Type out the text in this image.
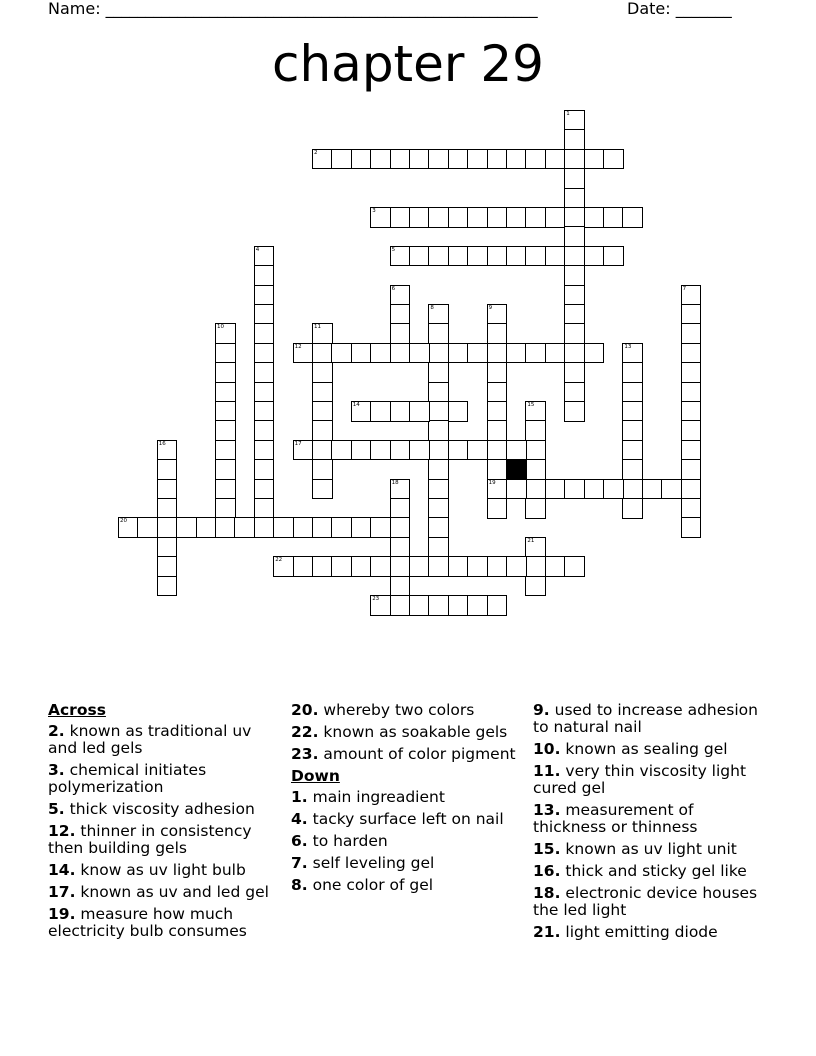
Name: ______________________________________________________	Date: _______
chapter 29
1
2
3
4	5
6	7
8	9
19
10	11
12	13
14	15
16	17
18
20
21
22
23
Across
2. known as traditional uv and led gels
3. chemical initiates polymerization
5. thick viscosity adhesion
12. thinner in consistency then building gels
14. know as uv light bulb
17. known as uv and led gel
19. measure how much electricity bulb consumes
20. whereby two colors
22. known as soakable gels
23. amount of color pigment
Down
1. main ingreadient
4. tacky surface left on nail
6. to harden
7. self leveling gel
8. one color of gel
9. used to increase adhesion to natural nail
10. known as sealing gel
11. very thin viscosity light cured gel
13. measurement of thickness or thinness
15. known as uv light unit
16. thick and sticky gel like
18. electronic device houses the led light
21. light emitting diode
